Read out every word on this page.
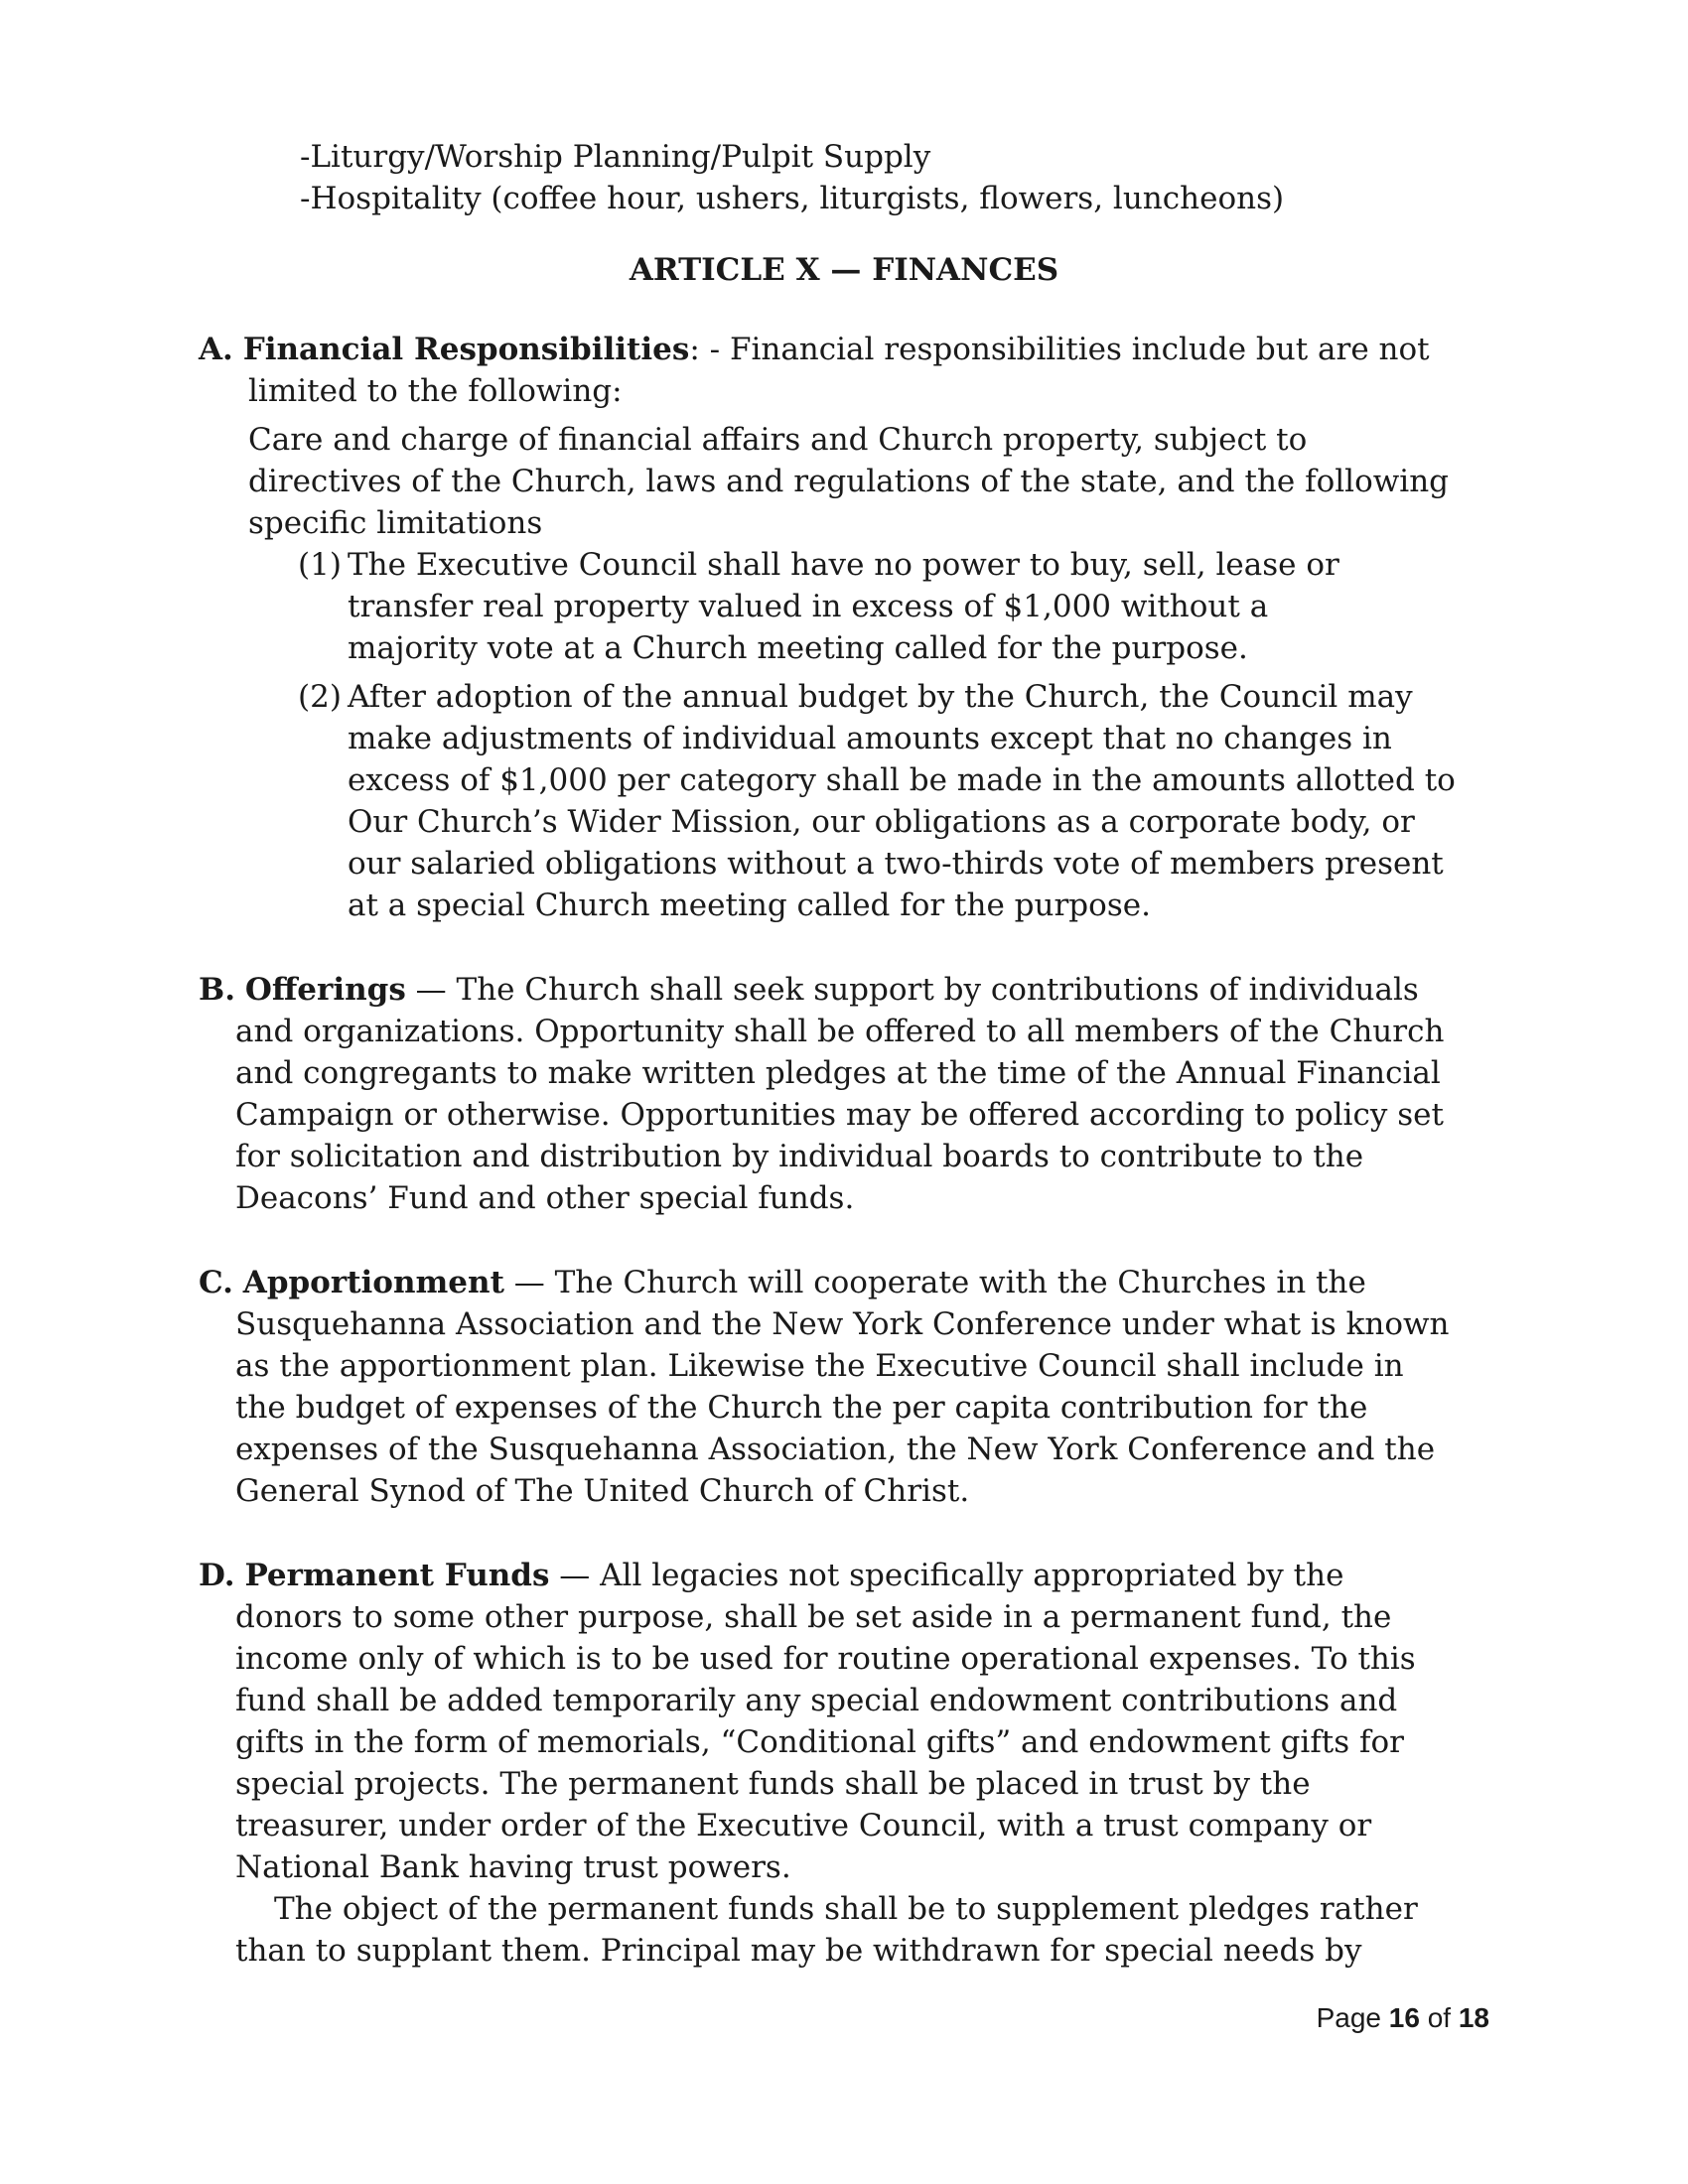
-Liturgy/Worship Planning/Pulpit Supply
-Hospitality (coffee hour, ushers, liturgists, flowers, luncheons)
ARTICLE X — FINANCES
A. Financial Responsibilities: - Financial responsibilities include but are not
limited to the following:
Care and charge of financial affairs and Church property, subject to
directives of the Church, laws and regulations of the state, and the following
specific limitations
(1) The Executive Council shall have no power to buy, sell, lease or
transfer real property valued in excess of $1,000 without a
majority vote at a Church meeting called for the purpose.
(2) After adoption of the annual budget by the Church, the Council may
make adjustments of individual amounts except that no changes in
excess of $1,000 per category shall be made in the amounts allotted to
Our Church’s Wider Mission, our obligations as a corporate body, or
our salaried obligations without a two-thirds vote of members present
at a special Church meeting called for the purpose.
B. Offerings — The Church shall seek support by contributions of individuals
and organizations. Opportunity shall be offered to all members of the Church
and congregants to make written pledges at the time of the Annual Financial
Campaign or otherwise. Opportunities may be offered according to policy set
for solicitation and distribution by individual boards to contribute to the
Deacons’ Fund and other special funds.
C. Apportionment — The Church will cooperate with the Churches in the
Susquehanna Association and the New York Conference under what is known
as the apportionment plan. Likewise the Executive Council shall include in
the budget of expenses of the Church the per capita contribution for the
expenses of the Susquehanna Association, the New York Conference and the
General Synod of The United Church of Christ.
D. Permanent Funds — All legacies not specifically appropriated by the
donors to some other purpose, shall be set aside in a permanent fund, the
income only of which is to be used for routine operational expenses. To this
fund shall be added temporarily any special endowment contributions and
gifts in the form of memorials, “Conditional gifts” and endowment gifts for
special projects. The permanent funds shall be placed in trust by the
treasurer, under order of the Executive Council, with a trust company or
National Bank having trust powers.
The object of the permanent funds shall be to supplement pledges rather
than to supplant them. Principal may be withdrawn for special needs by
Page 16 of 18
